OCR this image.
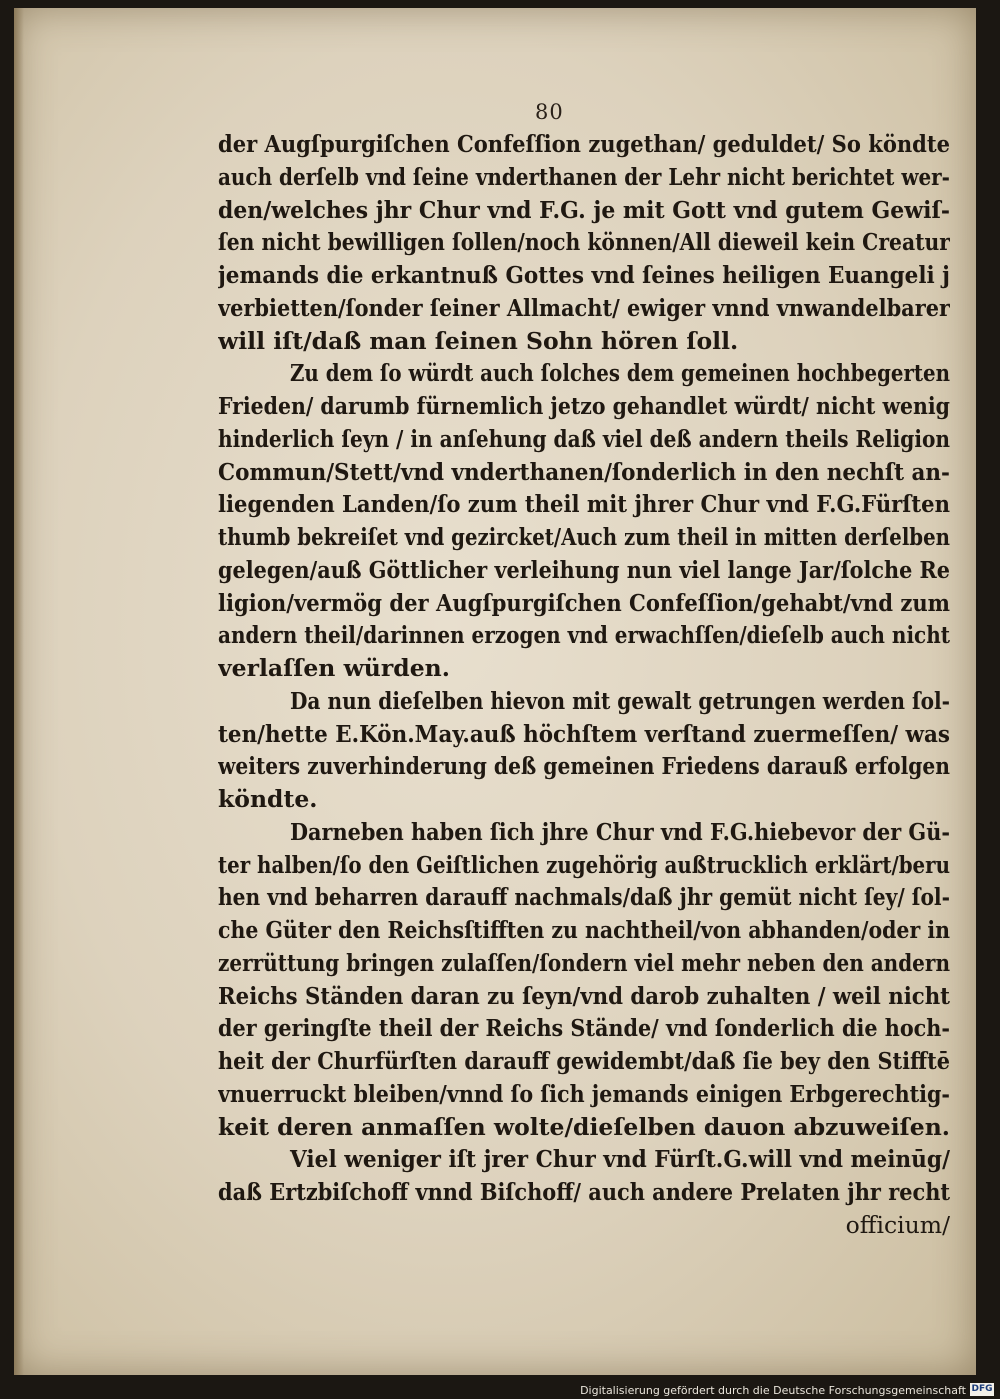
80
der Augſpurgiſchen Confeſſion zugethan/ geduldet/ So köndte
auch derſelb vnd ſeine vnderthanen der Lehr nicht berichtet wer-
den/welches jhr Chur vnd F.G. je mit Gott vnd gutem Gewiſ-
ſen nicht bewilligen ſollen/noch können/All dieweil kein Creatur
jemands die erkantnuß Gottes vnd ſeines heiligen Euangeli j
verbietten/ſonder ſeiner Allmacht/ ewiger vnnd vnwandelbarer
will iſt/daß man ſeinen Sohn hören ſoll.
Zu dem ſo würdt auch ſolches dem gemeinen hochbegerten
Frieden/ darumb fürnemlich jetzo gehandlet würdt/ nicht wenig
hinderlich ſeyn / in anſehung daß viel deß andern theils Religion
Commun/Stett/vnd vnderthanen/ſonderlich in den nechſt an-
liegenden Landen/ſo zum theil mit jhrer Chur vnd F.G.Fürſten
thumb bekreiſet vnd gezircket/Auch zum theil in mitten derſelben
gelegen/auß Göttlicher verleihung nun viel lange Jar/ſolche Re
ligion/vermög der Augſpurgiſchen Confeſſion/gehabt/vnd zum
andern theil/darinnen erzogen vnd erwachſſen/dieſelb auch nicht
verlaſſen würden.
Da nun dieſelben hievon mit gewalt getrungen werden ſol-
ten/hette E.Kön.May.auß höchſtem verſtand zuermeſſen/ was
weiters zuverhinderung deß gemeinen Friedens darauß erfolgen
köndte.
Darneben haben ſich jhre Chur vnd F.G.hiebevor der Gü-
ter halben/ſo den Geiſtlichen zugehörig außtrucklich erklärt/beru
hen vnd beharren darauff nachmals/daß jhr gemüt nicht ſey/ ſol-
che Güter den Reichsſtifften zu nachtheil/von abhanden/oder in
zerrüttung bringen zulaſſen/ſondern viel mehr neben den andern
Reichs Ständen daran zu ſeyn/vnd darob zuhalten / weil nicht
der geringſte theil der Reichs Stände/ vnd ſonderlich die hoch-
heit der Churfürſten darauff gewidembt/daß ſie bey den Stifftē
vnuerruckt bleiben/vnnd ſo ſich jemands einigen Erbgerechtig-
keit deren anmaſſen wolte/dieſelben dauon abzuweiſen.
Viel weniger iſt jrer Chur vnd Fürſt.G.will vnd meinūg/
daß Ertzbiſchoff vnnd Biſchoff/ auch andere Prelaten jhr recht
officium/
Digitalisierung gefördert durch die Deutsche Forschungsgemeinschaft DFG
